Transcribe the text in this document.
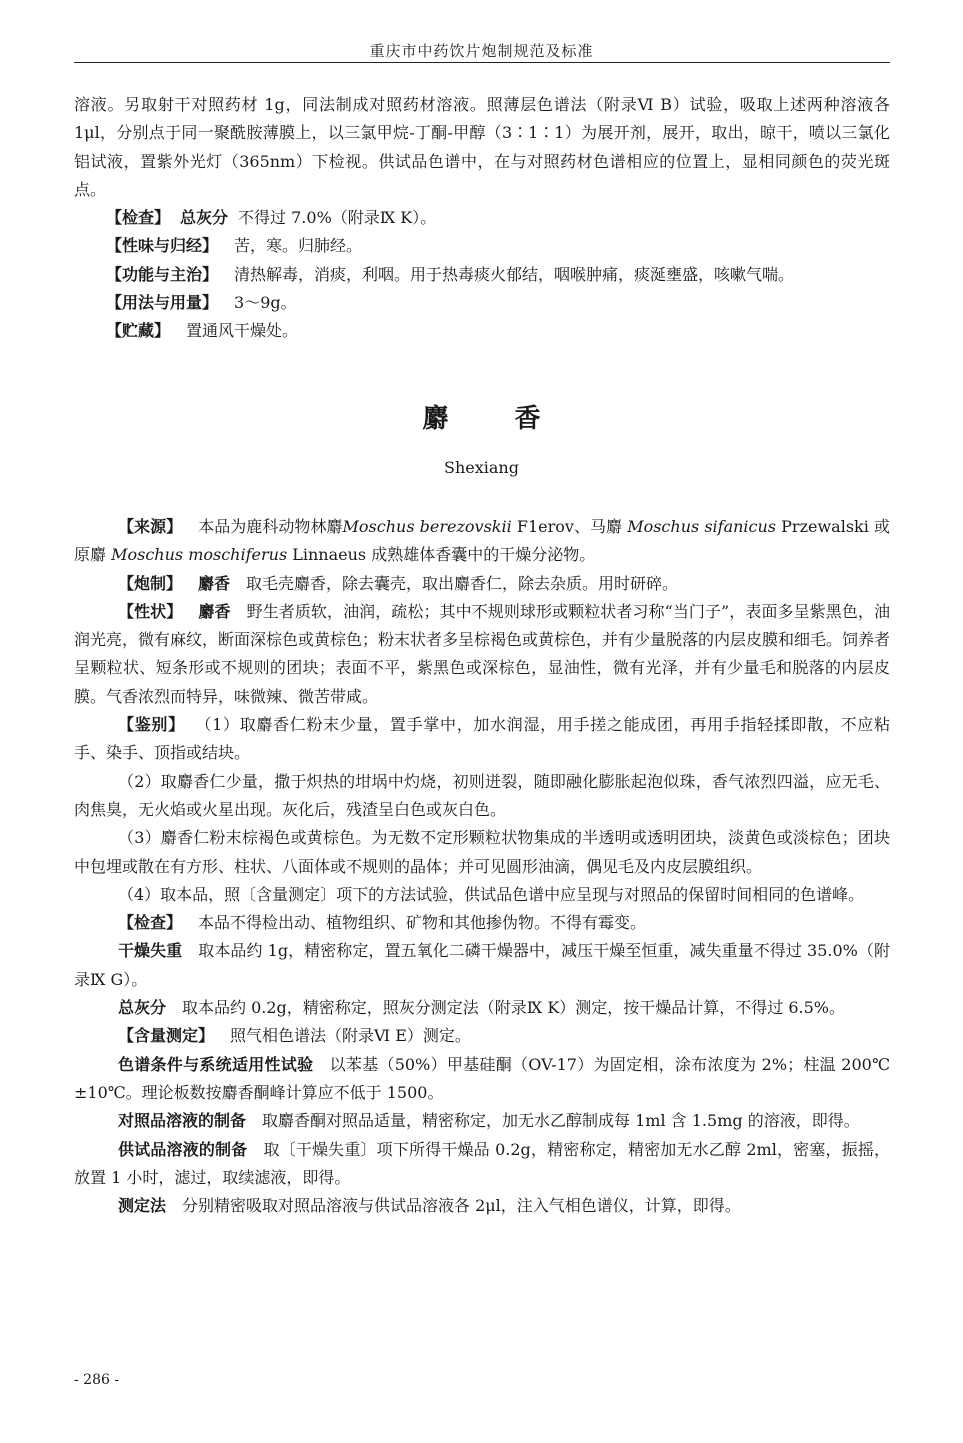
重庆市中药饮片炮制规范及标准

溶液。另取射干对照药材 1g，同法制成对照药材溶液。照薄层色谱法（附录Ⅵ B）试验，吸取上述两种溶液各 1μl，分别点于同一聚酰胺薄膜上，以三氯甲烷-丁酮-甲醇（3∶1∶1）为展开剂，展开，取出，晾干，喷以三氯化铝试液，置紫外光灯（365nm）下检视。供试品色谱中，在与对照药材色谱相应的位置上，显相同颜色的荧光斑点。

【检查】 总灰分 不得过 7.0%（附录Ⅸ K）。

【性味与归经】 苦，寒。归肺经。

【功能与主治】 清热解毒，消痰，利咽。用于热毒痰火郁结，咽喉肿痛，痰涎壅盛，咳嗽气喘。

【用法与用量】 3～9g。

【贮藏】 置通风干燥处。

麝	香
Shexiang

【来源】 本品为鹿科动物林麝Moschus berezovskii F1erov、马麝 Moschus sifanicus Przewalski 或原麝 Moschus moschiferus Linnaeus 成熟雄体香囊中的干燥分泌物。

【炮制】 麝香 取毛壳麝香，除去囊壳，取出麝香仁，除去杂质。用时研碎。

【性状】 麝香 野生者质软，油润，疏松；其中不规则球形或颗粒状者习称“当门子”，表面多呈紫黑色，油润光亮，微有麻纹，断面深棕色或黄棕色；粉末状者多呈棕褐色或黄棕色，并有少量脱落的内层皮膜和细毛。饲养者呈颗粒状、短条形或不规则的团块；表面不平，紫黑色或深棕色，显油性，微有光泽，并有少量毛和脱落的内层皮膜。气香浓烈而特异，味微辣、微苦带咸。

【鉴别】 （1）取麝香仁粉末少量，置手掌中，加水润湿，用手搓之能成团，再用手指轻揉即散，不应粘手、染手、顶指或结块。

（2）取麝香仁少量，撒于炽热的坩埚中灼烧，初则迸裂，随即融化膨胀起泡似珠，香气浓烈四溢，应无毛、肉焦臭，无火焰或火星出现。灰化后，残渣呈白色或灰白色。

（3）麝香仁粉末棕褐色或黄棕色。为无数不定形颗粒状物集成的半透明或透明团块，淡黄色或淡棕色；团块中包埋或散在有方形、柱状、八面体或不规则的晶体；并可见圆形油滴，偶见毛及内皮层膜组织。

（4）取本品，照〔含量测定〕项下的方法试验，供试品色谱中应呈现与对照品的保留时间相同的色谱峰。

【检查】 本品不得检出动、植物组织、矿物和其他掺伪物。不得有霉变。

干燥失重 取本品约 1g，精密称定，置五氧化二磷干燥器中，减压干燥至恒重，减失重量不得过 35.0%（附录Ⅸ G）。

总灰分 取本品约 0.2g，精密称定，照灰分测定法（附录Ⅸ K）测定，按干燥品计算，不得过 6.5%。

【含量测定】 照气相色谱法（附录Ⅵ E）测定。

色谱条件与系统适用性试验 以苯基（50%）甲基硅酮（OV-17）为固定相，涂布浓度为 2%；柱温 200℃±10℃。理论板数按麝香酮峰计算应不低于 1500。

对照品溶液的制备 取麝香酮对照品适量，精密称定，加无水乙醇制成每 1ml 含 1.5mg 的溶液，即得。

供试品溶液的制备 取〔干燥失重〕项下所得干燥品 0.2g，精密称定，精密加无水乙醇 2ml，密塞，振摇，放置 1 小时，滤过，取续滤液，即得。

测定法 分别精密吸取对照品溶液与供试品溶液各 2μl，注入气相色谱仪，计算，即得。

- 286 -
